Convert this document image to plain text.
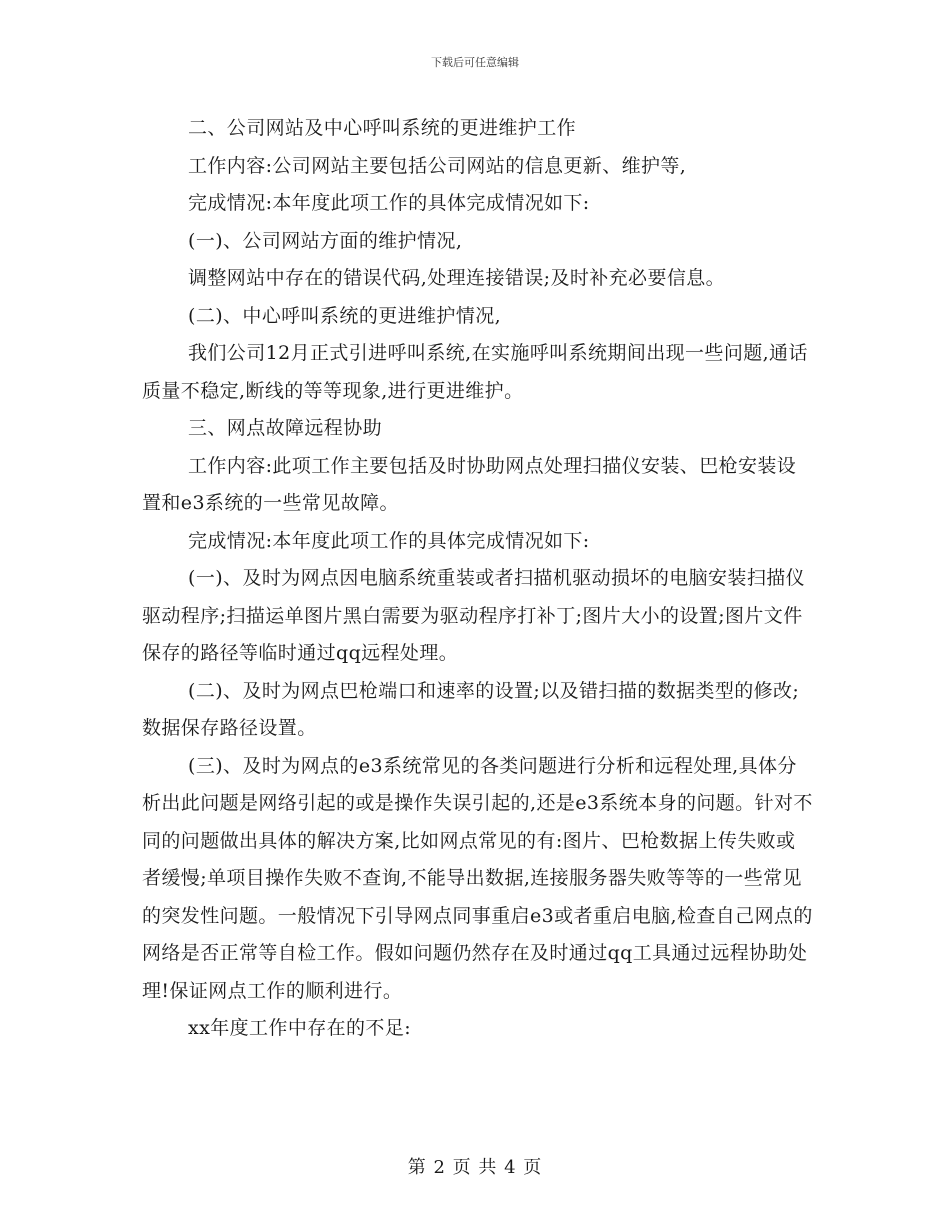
下载后可任意编辑

二、公司网站及中心呼叫系统的更进维护工作

工作内容:公司网站主要包括公司网站的信息更新、维护等,

完成情况:本年度此项工作的具体完成情况如下:

(一)、公司网站方面的维护情况,

调整网站中存在的错误代码,处理连接错误;及时补充必要信息。

(二)、中心呼叫系统的更进维护情况,

我们公司12月正式引进呼叫系统,在实施呼叫系统期间出现一些问题,通话质量不稳定,断线的等等现象,进行更进维护。

三、网点故障远程协助

工作内容:此项工作主要包括及时协助网点处理扫描仪安装、巴枪安装设置和e3系统的一些常见故障。

完成情况:本年度此项工作的具体完成情况如下:

(一)、及时为网点因电脑系统重装或者扫描机驱动损坏的电脑安装扫描仪驱动程序;扫描运单图片黑白需要为驱动程序打补丁;图片大小的设置;图片文件保存的路径等临时通过qq远程处理。

(二)、及时为网点巴枪端口和速率的设置;以及错扫描的数据类型的修改;数据保存路径设置。

(三)、及时为网点的e3系统常见的各类问题进行分析和远程处理,具体分析出此问题是网络引起的或是操作失误引起的,还是e3系统本身的问题。针对不同的问题做出具体的解决方案,比如网点常见的有:图片、巴枪数据上传失败或者缓慢;单项目操作失败不查询,不能导出数据,连接服务器失败等等的一些常见的突发性问题。一般情况下引导网点同事重启e3或者重启电脑,检查自己网点的网络是否正常等自检工作。假如问题仍然存在及时通过qq工具通过远程协助处理!保证网点工作的顺利进行。

xx年度工作中存在的不足:

第 2 页 共 4 页
